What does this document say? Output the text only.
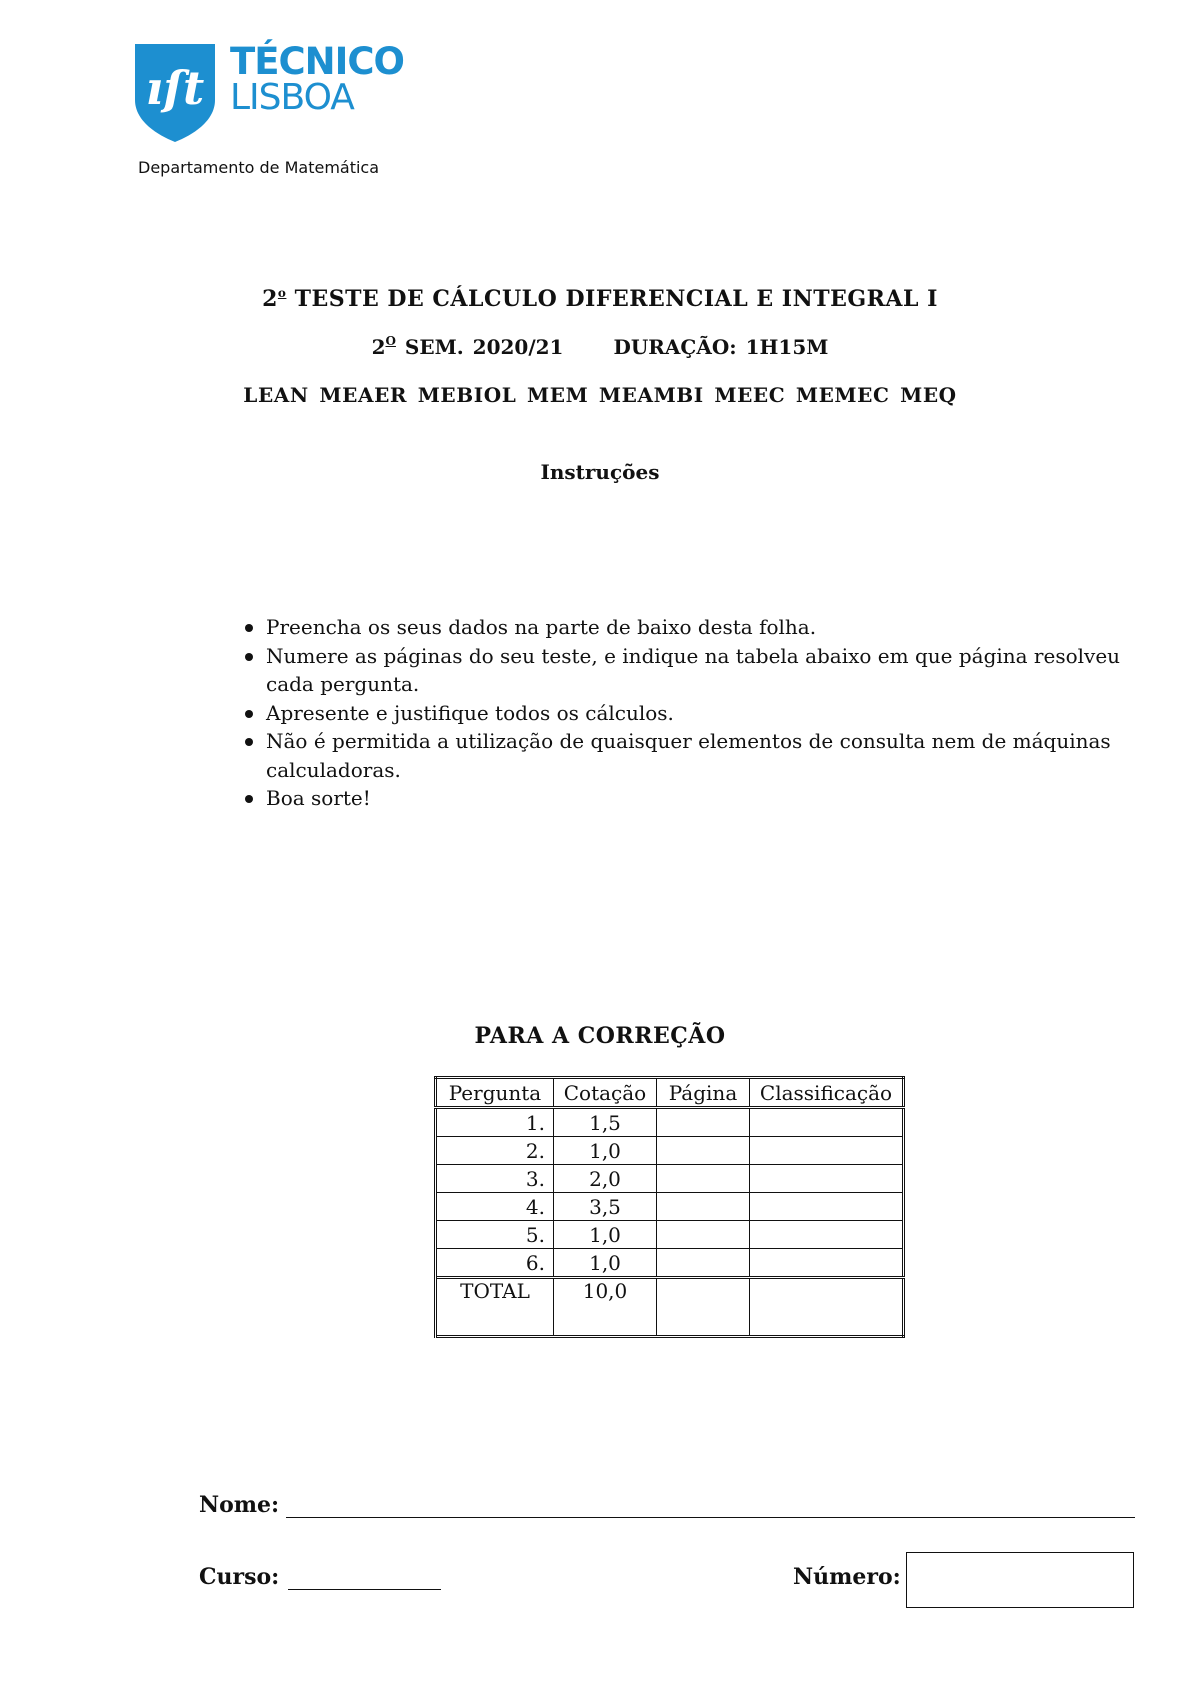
ıſt TÉCNICO
LISBOA
Departamento de Matemática
2$^o$ TESTE DE CÁLCULO DIFERENCIAL E INTEGRAL I
$2^O$ SEM. 2020/21	DURAÇÃO: 1H15M
LEAN MEAER MEBIOL MEM MEAMBI MEEC MEMEC MEQ
Instruções
Preencha os seus dados na parte de baixo desta folha.
Numere as páginas do seu teste, e indique na tabela abaixo em que página resolveu cada pergunta.
Apresente e justifique todos os cálculos.
Não é permitida a utilização de quaisquer elementos de consulta nem de máquinas calculadoras.
Boa sorte!
PARA A CORREÇÃO
Pergunta	Cotação	Página	Classificação
1.	1,5		
2.	1,0		
3.	2,0		
4.	3,5		
5.	1,0		
6.	1,0		
TOTAL	10,0		
Nome:
Curso:	Número:
